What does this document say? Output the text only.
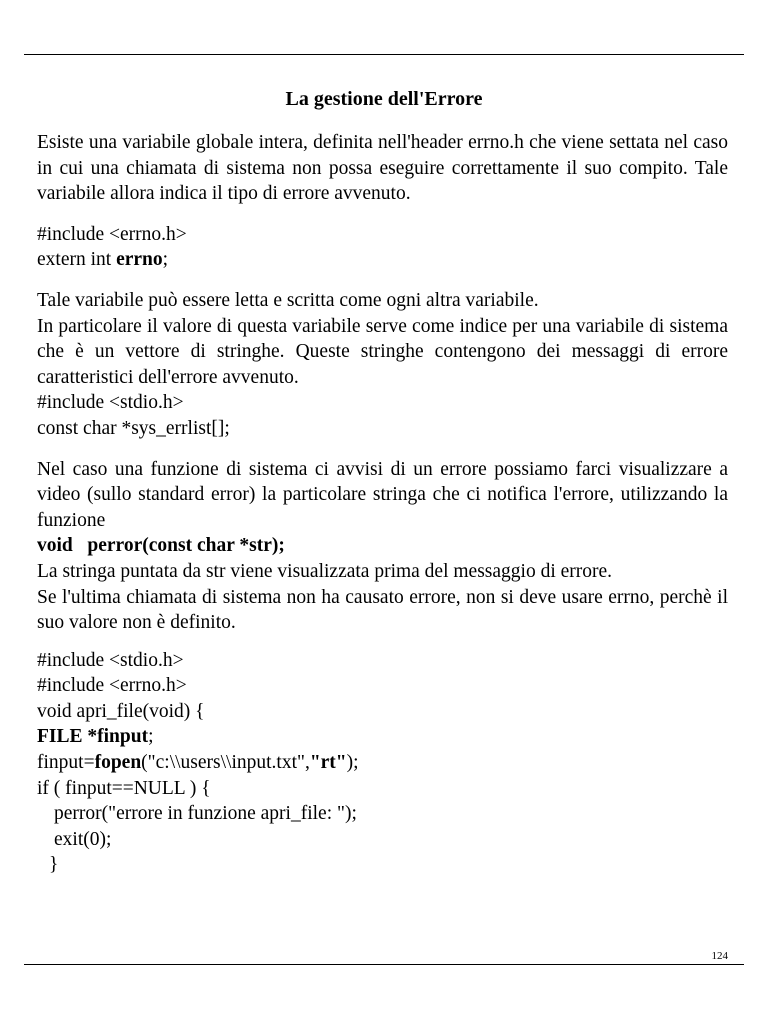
La gestione dell'Errore

Esiste una variabile globale intera, definita nell'header errno.h che viene settata nel caso in cui una chiamata di sistema non possa eseguire correttamente il suo compito. Tale variabile allora indica il tipo di errore avvenuto.

#include <errno.h>

extern int errno;

Tale variabile può essere letta e scritta come ogni altra variabile.

In particolare il valore di questa variabile serve come indice per una variabile di sistema che è un vettore di stringhe. Queste stringhe contengono dei messaggi di errore caratteristici dell'errore avvenuto.

#include <stdio.h>

const char *sys_errlist[];

Nel caso una funzione di sistema ci avvisi di un errore possiamo farci visualizzare a video (sullo standard error) la particolare stringa che ci notifica l'errore, utilizzando la funzione

void   perror(const char *str);

La stringa puntata da str viene visualizzata prima del messaggio di errore.

Se l'ultima chiamata di sistema non ha causato errore, non si deve usare errno, perchè il suo valore non è definito.

#include <stdio.h>

#include <errno.h>

void apri_file(void) {

FILE *finput;

finput=fopen("c:\\users\\input.txt","rt");

if ( finput==NULL ) {

perror("errore in funzione apri_file: ");

exit(0);

}

124
